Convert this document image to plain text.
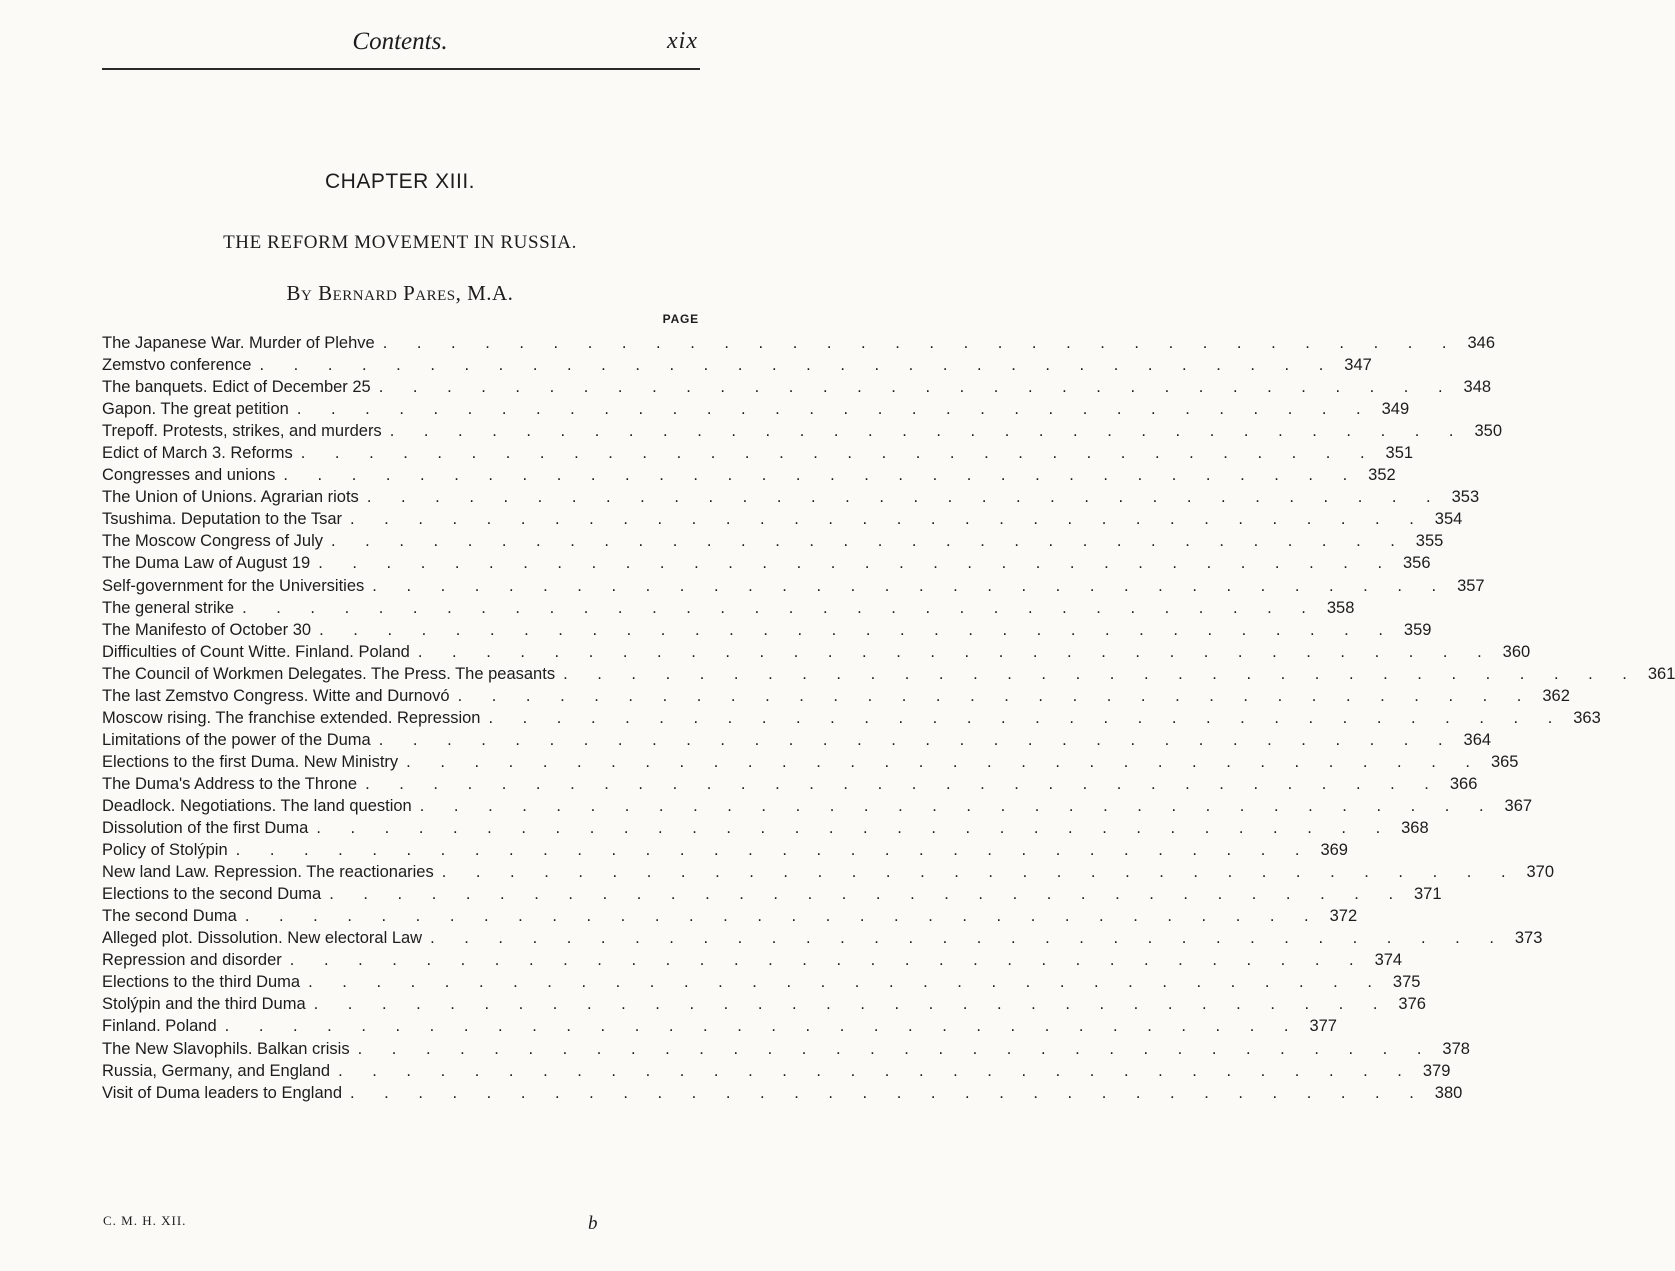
Contents.	xix
CHAPTER XIII.
THE REFORM MOVEMENT IN RUSSIA.
By Bernard Pares, M.A.
PAGE
The Japanese War. Murder of Plehve . . . . . . . . . . . . . . . . . . . . . . . . . . . . . . . . 346
Zemstvo conference . . . . . . . . . . . . . . . . . . . . . . . . . . . . . . . . 347
The banquets. Edict of December 25 . . . . . . . . . . . . . . . . . . . . . . . . . . . . . . . . 348
Gapon. The great petition . . . . . . . . . . . . . . . . . . . . . . . . . . . . . . . . 349
Trepoff. Protests, strikes, and murders . . . . . . . . . . . . . . . . . . . . . . . . . . . . . . . . 350
Edict of March 3. Reforms . . . . . . . . . . . . . . . . . . . . . . . . . . . . . . . . 351
Congresses and unions . . . . . . . . . . . . . . . . . . . . . . . . . . . . . . . . 352
The Union of Unions. Agrarian riots . . . . . . . . . . . . . . . . . . . . . . . . . . . . . . . . 353
Tsushima. Deputation to the Tsar . . . . . . . . . . . . . . . . . . . . . . . . . . . . . . . . 354
The Moscow Congress of July . . . . . . . . . . . . . . . . . . . . . . . . . . . . . . . . 355
The Duma Law of August 19 . . . . . . . . . . . . . . . . . . . . . . . . . . . . . . . . 356
Self-government for the Universities . . . . . . . . . . . . . . . . . . . . . . . . . . . . . . . . 357
The general strike . . . . . . . . . . . . . . . . . . . . . . . . . . . . . . . . 358
The Manifesto of October 30 . . . . . . . . . . . . . . . . . . . . . . . . . . . . . . . . 359
Difficulties of Count Witte. Finland. Poland . . . . . . . . . . . . . . . . . . . . . . . . . . . . . . . . 360
The Council of Workmen Delegates. The Press. The peasants . . . . . . . . . . . . . . . . . . . . . . . . . . . . . . . . 361
The last Zemstvo Congress. Witte and Durnovó . . . . . . . . . . . . . . . . . . . . . . . . . . . . . . . . 362
Moscow rising. The franchise extended. Repression . . . . . . . . . . . . . . . . . . . . . . . . . . . . . . . . 363
Limitations of the power of the Duma . . . . . . . . . . . . . . . . . . . . . . . . . . . . . . . . 364
Elections to the first Duma. New Ministry . . . . . . . . . . . . . . . . . . . . . . . . . . . . . . . . 365
The Duma's Address to the Throne . . . . . . . . . . . . . . . . . . . . . . . . . . . . . . . . 366
Deadlock. Negotiations. The land question . . . . . . . . . . . . . . . . . . . . . . . . . . . . . . . . 367
Dissolution of the first Duma . . . . . . . . . . . . . . . . . . . . . . . . . . . . . . . . 368
Policy of Stolýpin . . . . . . . . . . . . . . . . . . . . . . . . . . . . . . . . 369
New land Law. Repression. The reactionaries . . . . . . . . . . . . . . . . . . . . . . . . . . . . . . . . 370
Elections to the second Duma . . . . . . . . . . . . . . . . . . . . . . . . . . . . . . . . 371
The second Duma . . . . . . . . . . . . . . . . . . . . . . . . . . . . . . . . 372
Alleged plot. Dissolution. New electoral Law . . . . . . . . . . . . . . . . . . . . . . . . . . . . . . . . 373
Repression and disorder . . . . . . . . . . . . . . . . . . . . . . . . . . . . . . . . 374
Elections to the third Duma . . . . . . . . . . . . . . . . . . . . . . . . . . . . . . . . 375
Stolýpin and the third Duma . . . . . . . . . . . . . . . . . . . . . . . . . . . . . . . . 376
Finland. Poland . . . . . . . . . . . . . . . . . . . . . . . . . . . . . . . . 377
The New Slavophils. Balkan crisis . . . . . . . . . . . . . . . . . . . . . . . . . . . . . . . . 378
Russia, Germany, and England . . . . . . . . . . . . . . . . . . . . . . . . . . . . . . . . 379
Visit of Duma leaders to England . . . . . . . . . . . . . . . . . . . . . . . . . . . . . . . . 380
C. M. H. XII.	b
